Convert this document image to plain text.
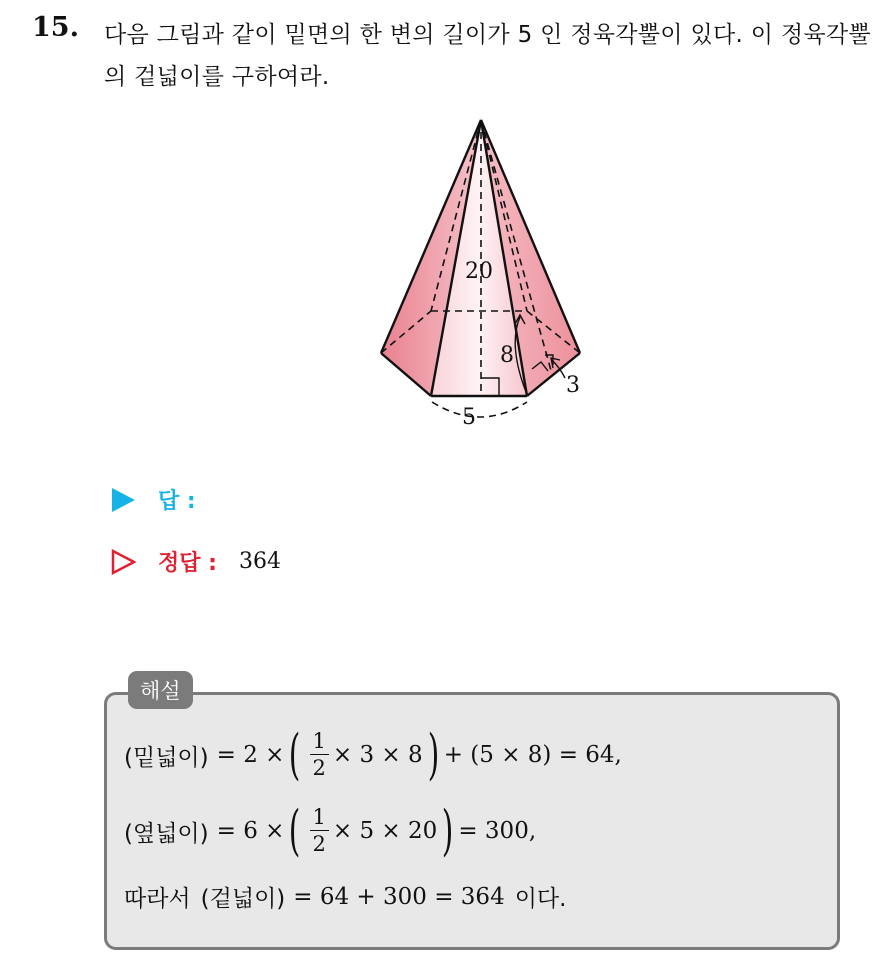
15. 다음 그림과 같이 밑면의 한 변의 길이가 5 인 정육각뿔이 있다. 이 정육각뿔의 겉넓이를 구하여라.
20
8
3
5
답 :
정답 : 364
해설
(밑넓이) = 2 × ( $\frac{1}{2} \times 3 \times 8$ ) + (5 × 8) = 64,
(옆넓이) = 6 × ( $\frac{1}{2} \times 5 \times 20$ ) = 300,
따라서 (겉넓이) = 64 + 300 = 364 이다.
